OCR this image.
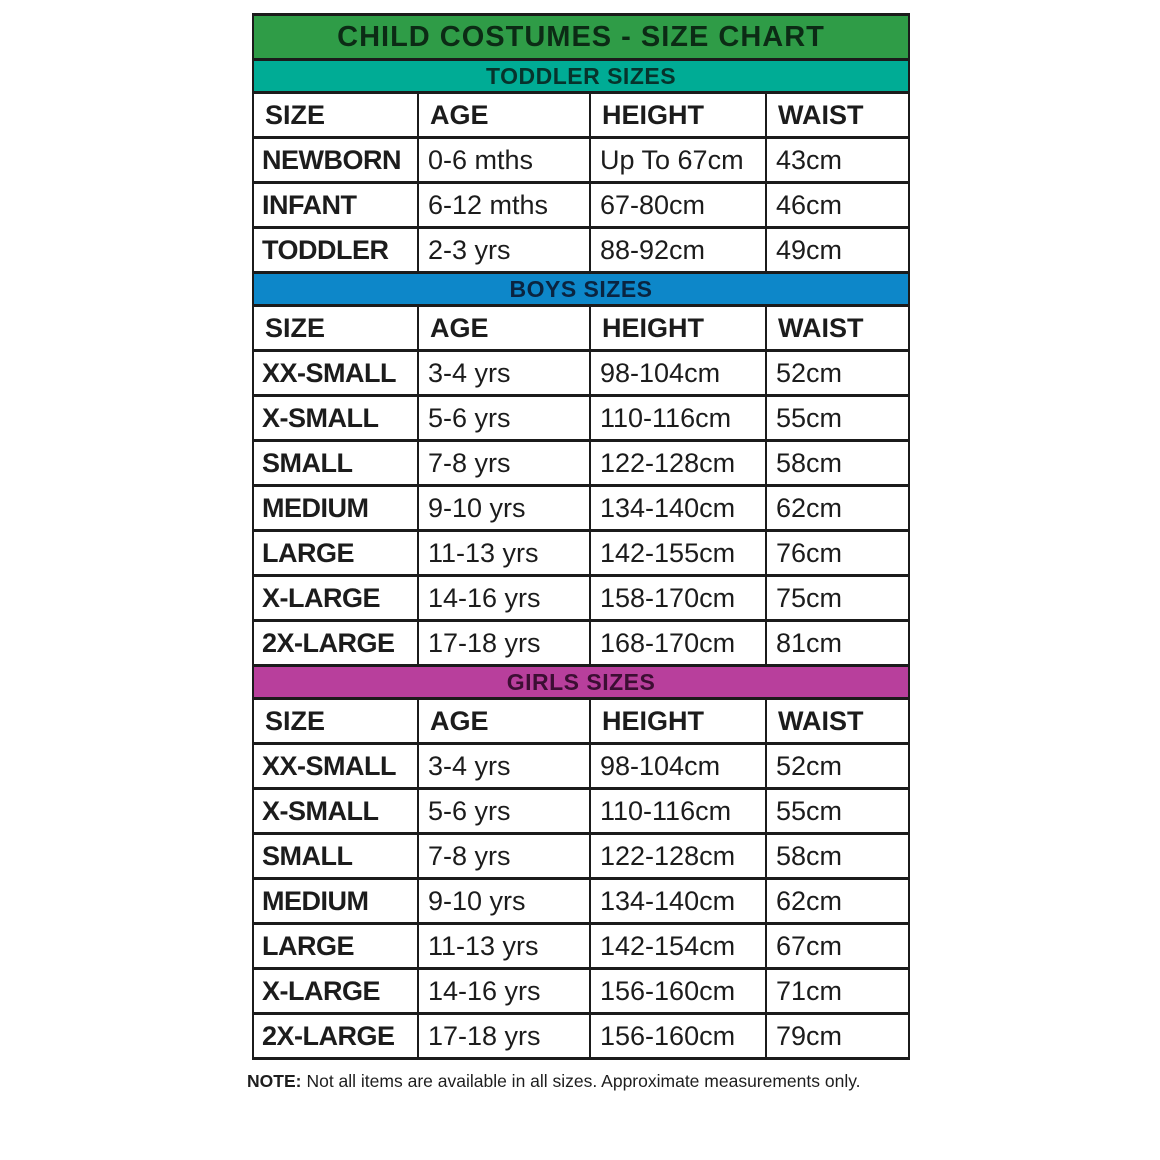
CHILD COSTUMES - SIZE CHART			
TODDLER SIZES			
SIZE	AGE	HEIGHT	WAIST
NEWBORN	0-6 mths	Up To 67cm	43cm
INFANT	6-12 mths	67-80cm	46cm
TODDLER	2-3 yrs	88-92cm	49cm
BOYS SIZES			
SIZE	AGE	HEIGHT	WAIST
XX-SMALL	3-4 yrs	98-104cm	52cm
X-SMALL	5-6 yrs	110-116cm	55cm
SMALL	7-8 yrs	122-128cm	58cm
MEDIUM	9-10 yrs	134-140cm	62cm
LARGE	11-13 yrs	142-155cm	76cm
X-LARGE	14-16 yrs	158-170cm	75cm
2X-LARGE	17-18 yrs	168-170cm	81cm
GIRLS SIZES			
SIZE	AGE	HEIGHT	WAIST
XX-SMALL	3-4 yrs	98-104cm	52cm
X-SMALL	5-6 yrs	110-116cm	55cm
SMALL	7-8 yrs	122-128cm	58cm
MEDIUM	9-10 yrs	134-140cm	62cm
LARGE	11-13 yrs	142-154cm	67cm
X-LARGE	14-16 yrs	156-160cm	71cm
2X-LARGE	17-18 yrs	156-160cm	79cm

NOTE: Not all items are available in all sizes. Approximate measurements only.
